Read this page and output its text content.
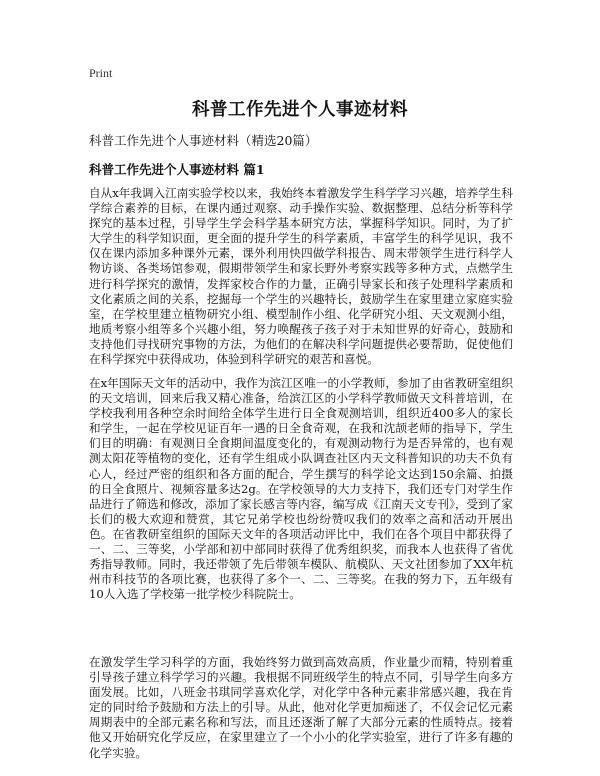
Print
科普工作先进个人事迹材料
科普工作先进个人事迹材料（精选20篇）
科普工作先进个人事迹材料 篇1

自从x年我调入江南实验学校以来，我始终本着激发学生科学学习兴趣，培养学生科学综合素养的目标，在课内通过观察、动手操作实验、数据整理、总结分析等科学探究的基本过程，引导学生学会科学基本研究方法，掌握科学知识。同时，为了扩大学生的科学知识面，更全面的提升学生的科学素质，丰富学生的科学见识，我不仅在课内添加多种课外元素，课外利用快四做学科报告、周末带领学生进行科学人物访谈、各类场馆参观，假期带领学生和家长野外考察实践等多种方式，点燃学生进行科学探究的激情，发挥家校合作的力量，正确引导家长和孩子处理科学素质和文化素质之间的关系，挖掘每一个学生的兴趣特长，鼓励学生在家里建立家庭实验室，在学校里建立植物研究小组、模型制作小组、化学研究小组、天文观测小组，地质考察小组等多个兴趣小组，努力唤醒孩子孩子对于未知世界的好奇心，鼓励和支持他们寻找研究事物的方法，为他们的在解决科学问题提供必要帮助，促使他们在科学探究中获得成功，体验到科学研究的艰苦和喜悦。

在x年国际天文年的活动中，我作为滨江区唯一的小学教师，参加了由省教研室组织的天文培训，回来后我又精心准备，给滨江区的小学科学教师做天文科普培训，在学校我利用各种空余时间给全体学生进行日全食观测培训，组织近400多人的家长和学生，一起在学校见证百年一遇的日全食奇观，在我和沈颉老师的指导下，学生们目的明确：有观测日全食期间温度变化的，有观测动物行为是否异常的，也有观测太阳花等植物的变化，还有学生组成小队调查社区内天文科普知识的功夫不负有心人，经过严密的组织和各方面的配合，学生撰写的科学论文达到150余篇、拍摄的日全食照片、视频容量多达2g。在学校领导的大力支持下，我们还专门对学生作品进行了筛选和修改，添加了家长感言等内容，编写成《江南天文专刊》，受到了家长们的极大欢迎和赞赏，其它兄弟学校也纷纷赞叹我们的效率之高和活动开展出色。在省教研室组织的国际天文年的各项活动评比中，我们在各个项目中都获得了一、二、三等奖，小学部和初中部同时获得了优秀组织奖，而我本人也获得了省优秀指导教师。同时，我还带领了先后带领车模队、航模队、天文社团参加了XX年杭州市科技节的各项比赛，也获得了多个一、二、三等奖。在我的努力下，五年级有10人入选了学校第一批学校少科院院士。

在激发学生学习科学的方面，我始终努力做到高效高质，作业量少而精，特别着重引导孩子建立科学学习的兴趣。我根据不同班级学生的特点不同，引导学生向多方面发展。比如，八班金书琪同学喜欢化学，对化学中各种元素非常感兴趣，我在肯定的同时给予鼓励和方法上的引导。从此，他对化学更加痴迷了，不仅会记忆元素周期表中的全部元素名称和写法，而且还逐渐了解了大部分元素的性质特点。接着他又开始研究化学反应，在家里建立了一个小小的化学实验室，进行了许多有趣的化学实验。
